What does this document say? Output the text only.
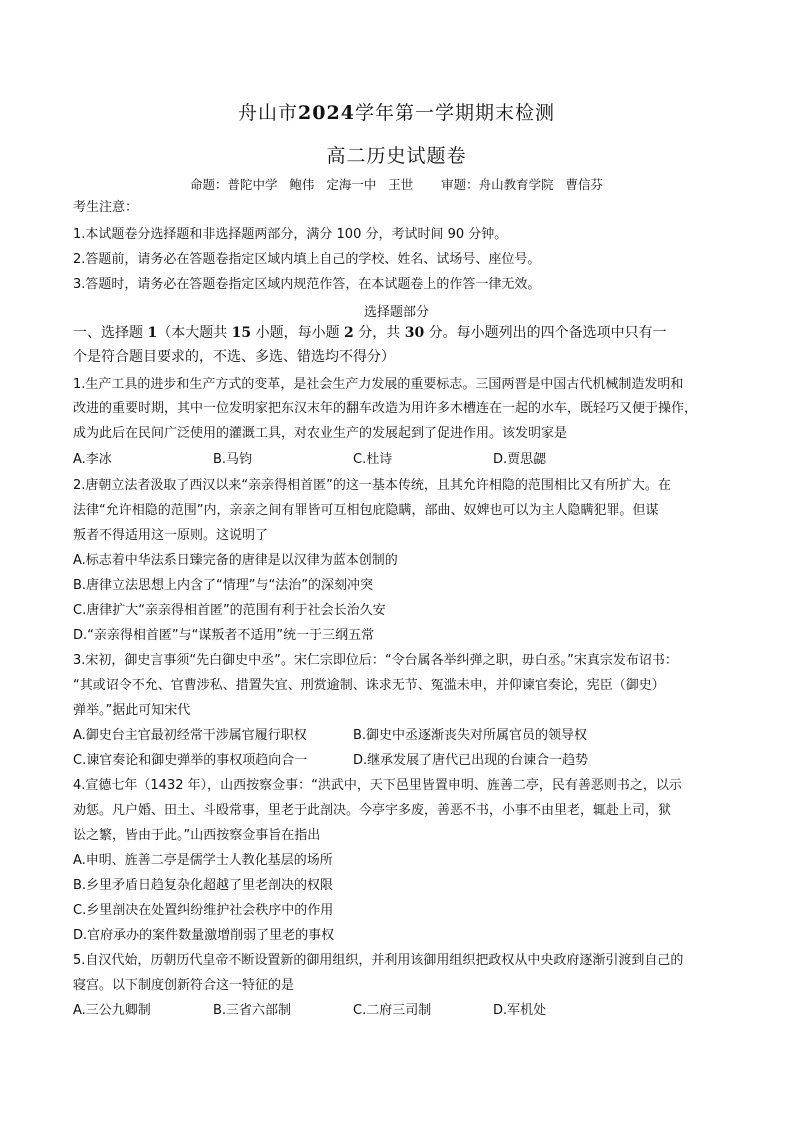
舟山市2024学年第一学期期末检测
高二历史试题卷
命题：普陀中学   鲍伟   定海一中   王世       审题：舟山教育学院   曹信芬
考生注意：
1.本试题卷分选择题和非选择题两部分，满分 100 分，考试时间 90 分钟。
2.答题前，请务必在答题卷指定区域内填上自己的学校、姓名、试场号、座位号。
3.答题时，请务必在答题卷指定区域内规范作答，在本试题卷上的作答一律无效。
选择题部分
一、选择题 1（本大题共 15 小题，每小题 2 分，共 30 分。每小题列出的四个备选项中只有一
个是符合题目要求的，不选、多选、错选均不得分）
1.生产工具的进步和生产方式的变革，是社会生产力发展的重要标志。三国两晋是中国古代机械制造发明和
改进的重要时期，其中一位发明家把东汉末年的翻车改造为用许多木槽连在一起的水车，既轻巧又便于操作，
成为此后在民间广泛使用的灌溉工具，对农业生产的发展起到了促进作用。该发明家是
A.李冰	B.马钧	C.杜诗	D.贾思勰
2.唐朝立法者汲取了西汉以来“亲亲得相首匿”的这一基本传统，且其允许相隐的范围相比又有所扩大。在
法律“允许相隐的范围”内，亲亲之间有罪皆可互相包庇隐瞒，部曲、奴婢也可以为主人隐瞒犯罪。但谋
叛者不得适用这一原则。这说明了
A.标志着中华法系日臻完备的唐律是以汉律为蓝本创制的
B.唐律立法思想上内含了“情理”与“法治”的深刻冲突
C.唐律扩大“亲亲得相首匿”的范围有利于社会长治久安
D.“亲亲得相首匿”与“谋叛者不适用”统一于三纲五常
3.宋初，御史言事须“先白御史中丞”。宋仁宗即位后：“令台属各举纠弹之职，毋白丞。”宋真宗发布诏书：
“其或诏令不允、官曹涉私、措置失宜、刑赏逾制、诛求无节、冤滥未申，并仰谏官奏论，宪臣（御史）
弹举。”据此可知宋代
A.御史台主官最初经常干涉属官履行职权	B.御史中丞逐渐丧失对所属官员的领导权
C.谏官奏论和御史弹举的事权项趋向合一	D.继承发展了唐代已出现的台谏合一趋势
4.宣德七年（1432 年），山西按察佥事：“洪武中，天下邑里皆置申明、旌善二亭，民有善恶则书之，以示
劝惩。凡户婚、田土、斗殴常事，里老于此剖决。今亭宇多废，善恶不书，小事不由里老，辄赴上司，狱
讼之繁，皆由于此。”山西按察佥事旨在指出
A.申明、旌善二亭是儒学士人教化基层的场所
B.乡里矛盾日趋复杂化超越了里老剖决的权限
C.乡里剖决在处置纠纷维护社会秩序中的作用
D.官府承办的案件数量激增削弱了里老的事权
5.自汉代始，历朝历代皇帝不断设置新的御用组织，并利用该御用组织把政权从中央政府逐渐引渡到自己的
寝宫。以下制度创新符合这一特征的是
A.三公九卿制	B.三省六部制	C.二府三司制	D.军机处
